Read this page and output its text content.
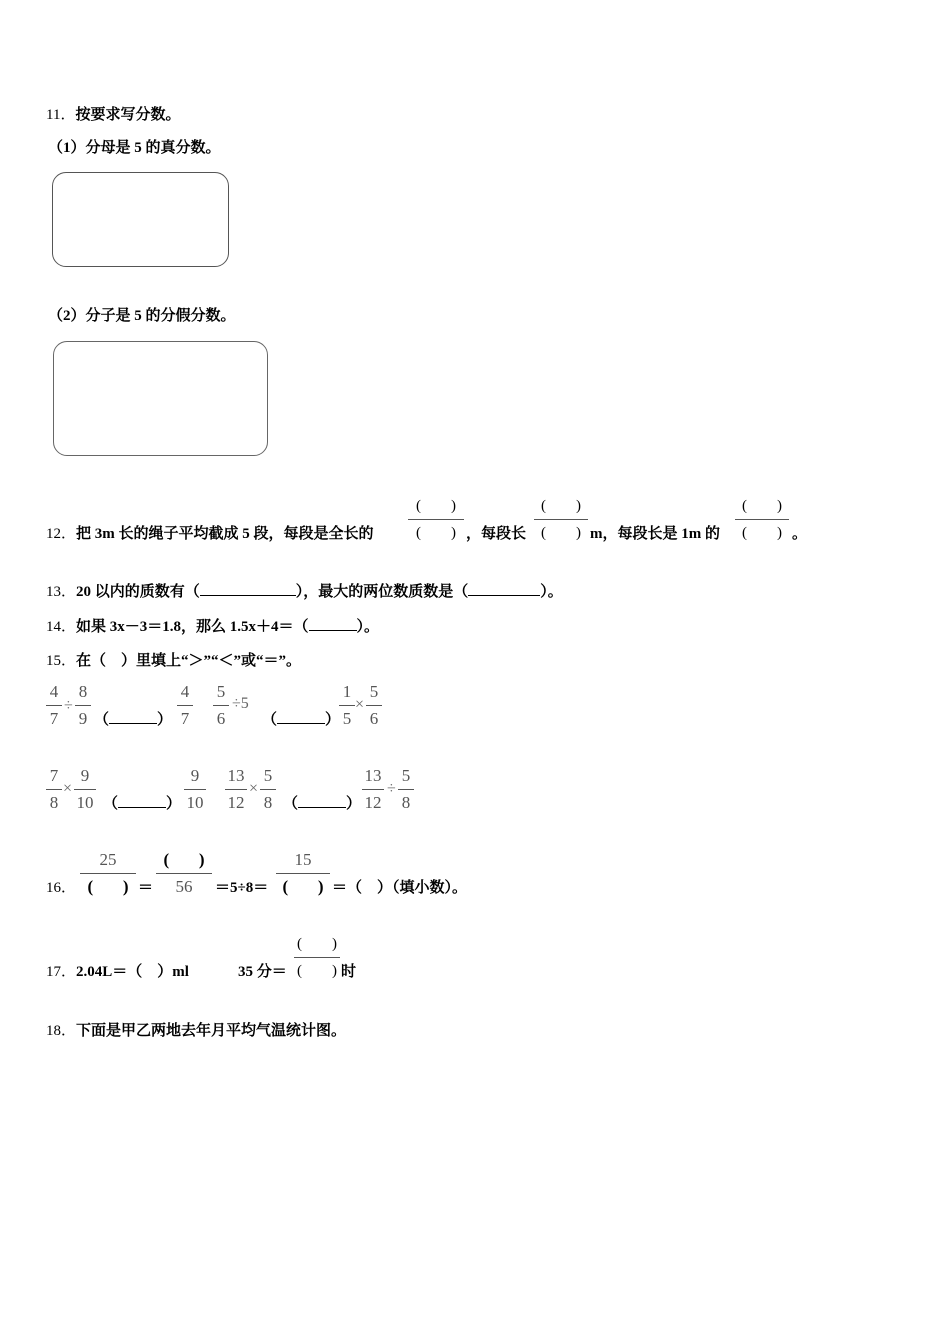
11．按要求写分数。
（1）分母是 5 的真分数。
（2）分子是 5 的分假分数。
12．把 3m 长的绳子平均截成 5 段，每段是全长的
(　　)
(　　) ，每段长
(　　)
(　　) m，每段长是 1m 的
(　　)
(　　) 。
13．20 以内的质数有（	），最大的两位数质数是（	）。
14．如果 3x－3＝1.8，那么 1.5x＋4＝（	）。
15．在（　）里填上“＞”“＜”或“＝”。
4
7
÷
8
9 （	）
4
7
5
6
÷5
（	）
1
5
×
5
6
7
8
×
9
10 （	）
9
10
13
12
×
5
8 （	）
13
12
÷
5
8
16．
25
( ) ＝
( )
56	＝5÷8＝
15
( ) ＝（　）（填小数）。
17．2.04L＝（　）ml	35 分＝
(　　)
(　　) 时
18．下面是甲乙两地去年月平均气温统计图。
